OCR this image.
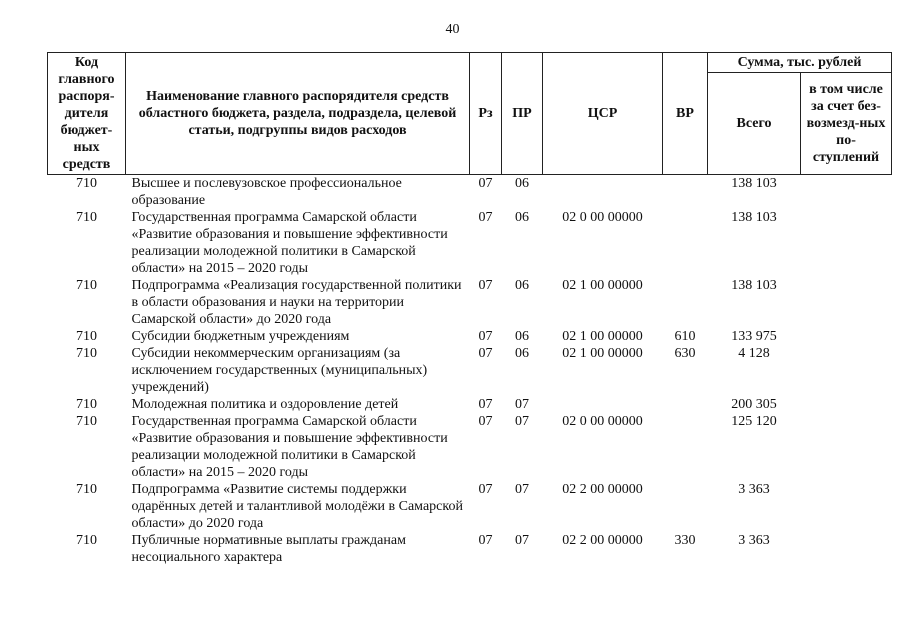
40
Код главного распоря-дителя бюджет-ных средств	Наименование главного распорядителя средств областного бюджета, раздела, подраздела, целевой статьи, подгруппы видов расходов	Рз	ПР	ЦСР	ВР	Сумма, тыс. рублей	
						Всего	в том числе за счет без-возмезд-ных по-ступлений
710	Высшее и послевузовское профессиональное образование	07	06			138 103	
710	Государственная программа Самарской области «Развитие образования и повышение эффективности реализации молодежной политики в Самарской области» на 2015 – 2020 годы	07	06	02 0 00 00000		138 103	
710	Подпрограмма «Реализация государственной политики в области образования и науки на территории Самарской области» до 2020 года	07	06	02 1 00 00000		138 103	
710	Субсидии бюджетным учреждениям	07	06	02 1 00 00000	610	133 975	
710	Субсидии некоммерческим организациям (за исключением государственных (муниципальных) учреждений)	07	06	02 1 00 00000	630	4 128	
710	Молодежная политика и оздоровление детей	07	07			200 305	
710	Государственная программа Самарской области «Развитие образования и повышение эффективности реализации молодежной политики в Самарской области» на 2015 – 2020 годы	07	07	02 0 00 00000		125 120	
710	Подпрограмма «Развитие системы поддержки одарённых детей и талантливой молодёжи в Самарской области» до 2020 года	07	07	02 2 00 00000		3 363	
710	Публичные нормативные выплаты гражданам несоциального характера	07	07	02 2 00 00000	330	3 363	
